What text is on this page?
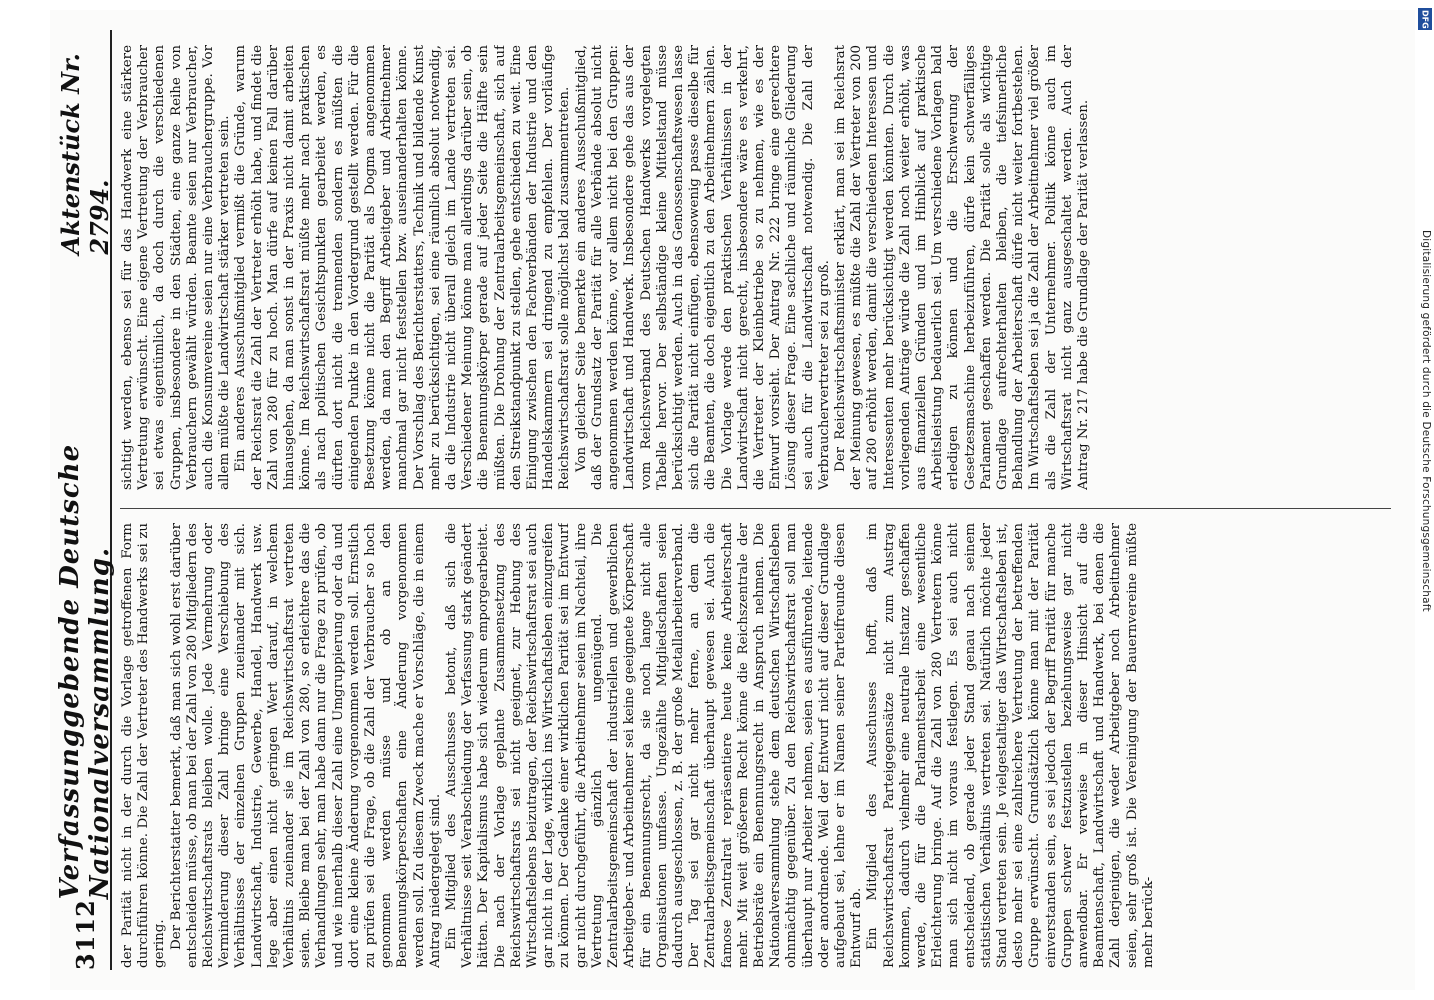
3112
Verfassunggebende Deutsche Nationalversammlung.
Aktenstück Nr. 2794.

der Parität nicht in der durch die Vorlage getroffenen Form durchführen könne. Die Zahl der Vertreter des Handwerks sei zu gering. Der Berichterstatter bemerkt, daß man sich wohl erst darüber entscheiden müsse, ob man bei der Zahl von 280 Mitgliedern des Reichswirtschaftsrats bleiben wolle. Jede Vermehrung oder Verminderung dieser Zahl bringe eine Verschiebung des Verhältnisses der einzelnen Gruppen zueinander mit sich. Landwirtschaft, Industrie, Gewerbe, Handel, Handwerk usw. lege aber einen nicht geringen Wert darauf, in welchem Verhältnis zueinander sie im Reichswirtschaftsrat vertreten seien. Bleibe man bei der Zahl von 280, so erleichtere das die Verhandlungen sehr, man habe dann nur die Frage zu prüfen, ob und wie innerhalb dieser Zahl eine Umgruppierung oder da und dort eine kleine Änderung vorgenommen werden soll. Ernstlich zu prüfen sei die Frage, ob die Zahl der Verbraucher so hoch genommen werden müsse und ob an den Benennungskörperschaften eine Änderung vorgenommen werden soll. Zu diesem Zweck mache er Vorschläge, die in einem Antrag niedergelegt sind. Ein Mitglied des Ausschusses betont, daß sich die Verhältnisse seit Verabschiedung der Verfassung stark geändert hätten. Der Kapitalismus habe sich wiederum emporgearbeitet. Die nach der Vorlage geplante Zusammensetzung des Reichswirtschaftsrats sei nicht geeignet, zur Hebung des Wirtschaftslebens beizutragen, der Reichswirtschaftsrat sei auch gar nicht in der Lage, wirklich ins Wirtschaftsleben einzugreifen zu können. Der Gedanke einer wirklichen Parität sei im Entwurf gar nicht durchgeführt, die Arbeitnehmer seien im Nachteil, ihre Vertretung gänzlich ungenügend. Die Zentralarbeitsgemeinschaft der industriellen und gewerblichen Arbeitgeber- und Arbeitnehmer sei keine geeignete Körperschaft für ein Benennungsrecht, da sie noch lange nicht alle Organisationen umfasse. Ungezählte Mitgliedschaften seien dadurch ausgeschlossen, z. B. der große Metallarbeiterverband. Der Tag sei gar nicht mehr ferne, an dem die Zentralarbeitsgemeinschaft überhaupt gewesen sei. Auch die famose Zentralrat repräsentiere heute keine Arbeiterschaft mehr. Mit weit größerem Recht könne die Reichszentrale der Betriebsräte ein Benennungsrecht in Anspruch nehmen. Die Nationalversammlung stehe dem deutschen Wirtschaftsleben ohnmächtig gegenüber. Zu den Reichswirtschaftsrat soll man überhaupt nur Arbeiter nehmen, seien es ausführende, leitende oder anordnende. Weil der Entwurf nicht auf dieser Grundlage aufgebaut sei, lehne er im Namen seiner Parteifreunde diesen Entwurf ab. Ein Mitglied des Ausschusses hofft, daß im Reichswirtschaftsrat Parteigegensätze nicht zum Austrag kommen, dadurch vielmehr eine neutrale Instanz geschaffen werde, die für die Parlamentsarbeit eine wesentliche Erleichterung bringe. Auf die Zahl von 280 Vertretern könne man sich nicht im voraus festlegen. Es sei auch nicht entscheidend, ob gerade jeder Stand genau nach seinem statistischen Verhältnis vertreten sei. Natürlich möchte jeder Stand vertreten sein. Je vielgestaltiger das Wirtschaftsleben ist, desto mehr sei eine zahlreichere Vertretung der betreffenden Gruppe erwünscht. Grundsätzlich könne man mit der Parität einverstanden sein, es sei jedoch der Begriff Parität für manche Gruppen schwer festzustellen beziehungsweise gar nicht anwendbar. Er verweise in dieser Hinsicht auf die Beamtenschaft, Landwirtschaft und Handwerk, bei denen die Zahl derjenigen, die weder Arbeitgeber noch Arbeitnehmer seien, sehr groß ist. Die Vereinigung der Bauernvereine müßte mehr berück-

sichtigt werden, ebenso sei für das Handwerk eine stärkere Vertretung erwünscht. Eine eigene Vertretung der Verbraucher sei etwas eigentümlich, da doch durch die verschiedenen Gruppen, insbesondere in den Städten, eine ganze Reihe von Verbrauchern gewählt würden. Beamte seien nur Verbraucher, auch die Konsumvereine seien nur eine Verbrauchergruppe. Vor allem müßte die Landwirtschaft stärker vertreten sein. Ein anderes Ausschußmitglied vermißt die Gründe, warum der Reichsrat die Zahl der Vertreter erhöht habe, und findet die Zahl von 280 für zu hoch. Man dürfe auf keinen Fall darüber hinausgehen, da man sonst in der Praxis nicht damit arbeiten könne. Im Reichswirtschaftsrat müßte mehr nach praktischen als nach politischen Gesichtspunkten gearbeitet werden, es dürften dort nicht die trennenden sondern es müßten die einigenden Punkte in den Vordergrund gestellt werden. Für die Besetzung könne nicht die Parität als Dogma angenommen werden, da man den Begriff Arbeitgeber und Arbeitnehmer manchmal gar nicht feststellen bzw. auseinanderhalten könne. Der Vorschlag des Berichterstatters, Technik und bildende Kunst mehr zu berücksichtigen, sei eine räumlich absolut notwendig, da die Industrie nicht überall gleich im Lande vertreten sei. Verschiedener Meinung könne man allerdings darüber sein, ob die Benennungskörper gerade auf jeder Seite die Hälfte sein müßten. Die Drohung der Zentralarbeitsgemeinschaft, sich auf den Streikstandpunkt zu stellen, gehe entschieden zu weit. Eine Einigung zwischen den Fachverbänden der Industrie und den Handelskammern sei dringend zu empfehlen. Der vorläufige Reichswirtschaftsrat solle möglichst bald zusammentreten. Von gleicher Seite bemerkte ein anderes Ausschußmitglied, daß der Grundsatz der Parität für alle Verbände absolut nicht angenommen werden könne, vor allem nicht bei den Gruppen: Landwirtschaft und Handwerk. Insbesondere gehe das aus der vom Reichsverband des Deutschen Handwerks vorgelegten Tabelle hervor. Der selbständige kleine Mittelstand müsse berücksichtigt werden. Auch in das Genossenschaftswesen lasse sich die Parität nicht einfügen, ebensowenig passe dieselbe für die Beamten, die doch eigentlich zu den Arbeitnehmern zählen. Die Vorlage werde den praktischen Verhältnissen in der Landwirtschaft nicht gerecht, insbesondere wäre es verkehrt, die Vertreter der Kleinbetriebe so zu nehmen, wie es der Entwurf vorsieht. Der Antrag Nr. 222 bringe eine gerechtere Lösung dieser Frage. Eine sachliche und räumliche Gliederung sei auch für die Landwirtschaft notwendig. Die Zahl der Verbrauchervertreter sei zu groß. Der Reichswirtschaftsminister erklärt, man sei im Reichsrat der Meinung gewesen, es müßte die Zahl der Vertreter von 200 auf 280 erhöht werden, damit die verschiedenen Interessen und Interessenten mehr berücksichtigt werden könnten. Durch die vorliegenden Anträge würde die Zahl noch weiter erhöht, was aus finanziellen Gründen und im Hinblick auf praktische Arbeitsleistung bedauerlich sei. Um verschiedene Vorlagen bald erledigen zu können und die Erschwerung der Gesetzesmaschine herbeizuführen, dürfe kein schwerfälliges Parlament geschaffen werden. Die Parität solle als wichtige Grundlage aufrechterhalten bleiben, die tiefsinnerliche Behandlung der Arbeiterschaft dürfe nicht weiter fortbestehen. Im Wirtschaftsleben sei ja die Zahl der Arbeitnehmer viel größer als die Zahl der Unternehmer. Politik könne auch im Wirtschaftsrat nicht ganz ausgeschaltet werden. Auch der Antrag Nr. 217 habe die Grundlage der Parität verlassen.

DFG
Digitalisierung gefördert durch die Deutsche Forschungsgemeinschaft
